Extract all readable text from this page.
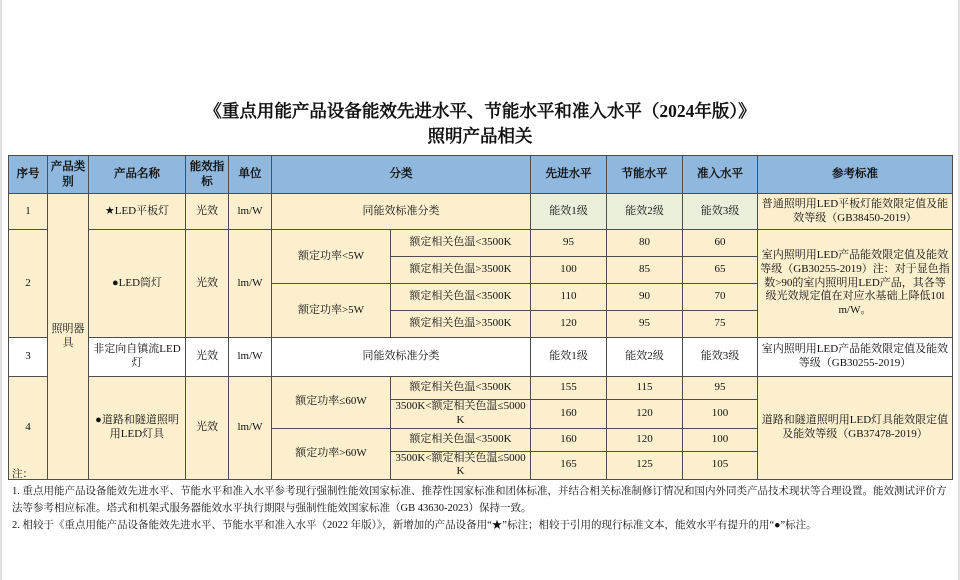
《重点用能产品设备能效先进水平、节能水平和准入水平（2024年版）》
照明产品相关
序号	产品类别	产品名称	能效指标	单位	分类		先进水平	节能水平	准入水平	参考标准
1	照明器具	★LED平板灯	光效	lm/W	同能效标准分类		能效1级	能效2级	能效3级	普通照明用LED平板灯能效限定值及能效等级（GB38450-2019）
2		●LED筒灯	光效	lm/W	额定功率<5W	额定相关色温<3500K	95	80	60	室内照明用LED产品能效限定值及能效等级（GB30255-2019）注：对于显色指数>90的室内照明用LED产品，其各等级光效规定值在对应水基础上降低10lm/W。
						额定相关色温>3500K	100	85	65	
					额定功率>5W	额定相关色温<3500K	110	90	70	
						额定相关色温>3500K	120	95	75	
3		非定向自镇流LED灯	光效	lm/W	同能效标准分类		能效1级	能效2级	能效3级	室内照明用LED产品能效限定值及能效等级（GB30255-2019）
4		●道路和隧道照明用LED灯具	光效	lm/W	额定功率≤60W	额定相关色温<3500K	155	115	95	道路和隧道照明用LED灯具能效限定值及能效等级（GB37478-2019）
						3500K<额定相关色温≤5000K	160	120	100	
					额定功率>60W	额定相关色温<3500K	160	120	100	
						3500K<额定相关色温≤5000K	165	125	105	
注：
1. 重点用能产品设备能效先进水平、节能水平和准入水平参考现行强制性能效国家标准、推荐性国家标准和团体标准，并结合相关标准制修订情况和国内外同类产品技术现状等合理设置。能效测试评价方法等参考相应标准。塔式和机架式服务器能效水平执行期限与强制性能效国家标准（GB 43630-2023）保持一致。
2. 相较于《重点用能产品设备能效先进水平、节能水平和准入水平（2022 年版）》，新增加的产品设备用“★”标注；相较于引用的现行标准文本，能效水平有提升的用“●”标注。
